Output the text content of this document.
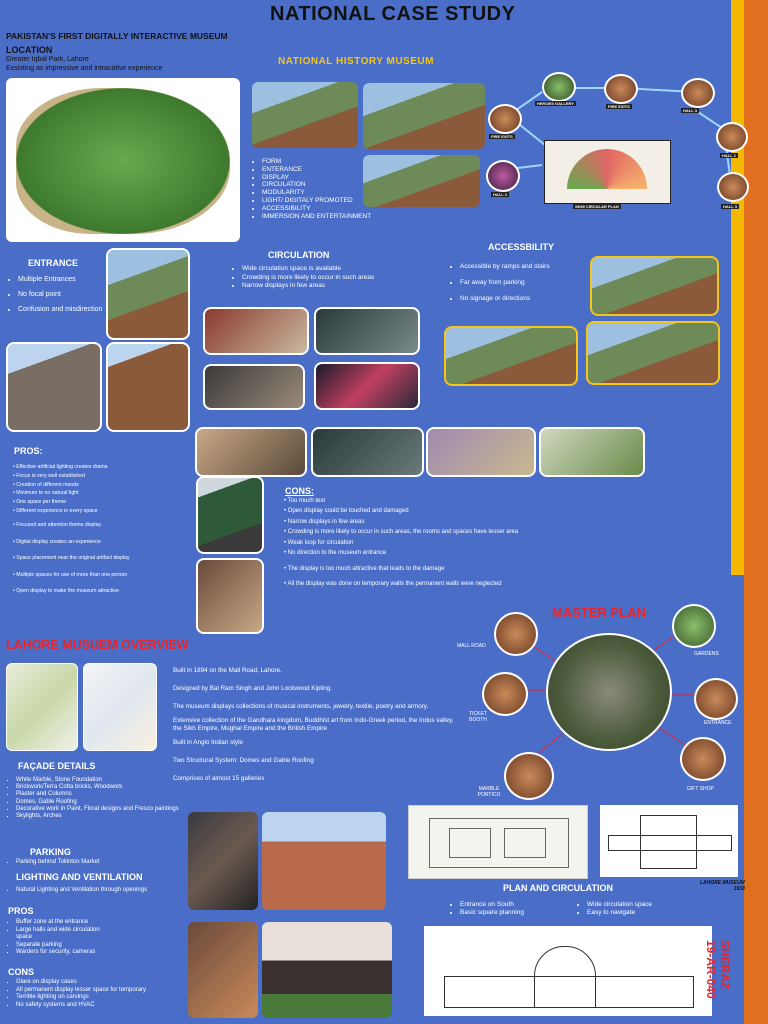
NATIONAL CASE STUDY
PAKISTAN'S FIRST DIGITALLY INTERACTIVE MUSEUM
LOCATION
Greater Iqbal Park, Lahore
Exsisting as impressive and intracative experience
Ghar47
NATIONAL HISTORY MUSEUM
• FORM
• ENTERANCE
• DISPLAY
• CIRCULATION
• MODULARITY
• LIGHT/ DIGITALY PROMOTED
• ACCESSIBILITY
• IMMERSION AND ENTERTAINMENT
HEROES GALLERY
FIRE EXITS
HALL 3
FIRE EXITS
HALL 1
HALL 2
HALL 3
SEMI CIRCULAR PLAN
ENTRANCE
• Multiple Entrances
• No focal point
• Confusion and misdirection
CIRCULATION
• Wide circulation space is available
• Crowding is more likely to occur in such areas
• Narrow displays in few areas
ACCESSBILITY
• Accessible by ramps and stairs
• Far away from parking
• No signage or directions
PROS:
• Effective artificial lighting creates drama
• Focus is very well established
• Creation of different moods
• Minimum to no natural light
• One space per theme
• Different experience in every space
• Focused and attention theme display
• Digital display creates an experience
• Space placement near the original artifact display
• Multiple spaces for use of more than one person
• Open display to make the museum attractive
CONS:
• Too much text
• Open display could be touched and damaged
• Narrow displays in few areas
• Crowding is more likely to occur in such areas, the rooms and spaces have lesser area
• Weak loop for circulation
• No direction to the museum entrance
• The display is too much attractive that leads to the damage
• All the display was done on temporary walls the permanent walls were neglected
MASTER PLAN
MALL ROAD
GARDENS
TICKET BOOTH	ENTRANCE
MARBLE PORTICO
GIFT SHOP
LAHORE MUSUEM OVERVIEW
Built in 1894 on the Mall Road, Lahore.
Designed by Bal Ram Singh and John Lockwood Kipling.
The museum displays collections of musical instruments, jewelry, textile, poetry and armory.
Extensive collection of the Gandhara kingdom, Buddhist art from Indo-Greek period, the Indus valley, the Sikh Empire, Mughal Empire and the British Empire
Built in Anglo Indian style
Two Structural System: Domes and Gable Roofing
Comprises of almost 15 galleries
FAÇADE DETAILS
▪ White Marble, Stone Foundation
▪ Brickwork/Terra Cotta bricks, Woodwork
▪ Plaster and Columns
▪ Domes, Gable Roofing
▪ Decorative work in Paint, Floral designs and Fresco paintings
▪ Skylights, Arches
PARKING
• Parking behind Tollinton Market
LIGHTING AND VENTILATION
• Natural Lighting and Ventilation through openings
PROS
▪ Buffer zone at the entrance
▪ Large halls and wide circulation space
▪ Separate parking
▪ Warders for security, cameras
CONS
▪ Glare on display cases
▪ All permanent display lesser space for temporary
▪ Terrible lighting on carvings
▪ No safety systems and HVAC
LAHORE MUSEUM
1938
PLAN AND CIRCULATION
• Entrance on South
• Basic square planning
• Wide circulation space
• Easy to navigate
SHERAZ
19-AR-040
